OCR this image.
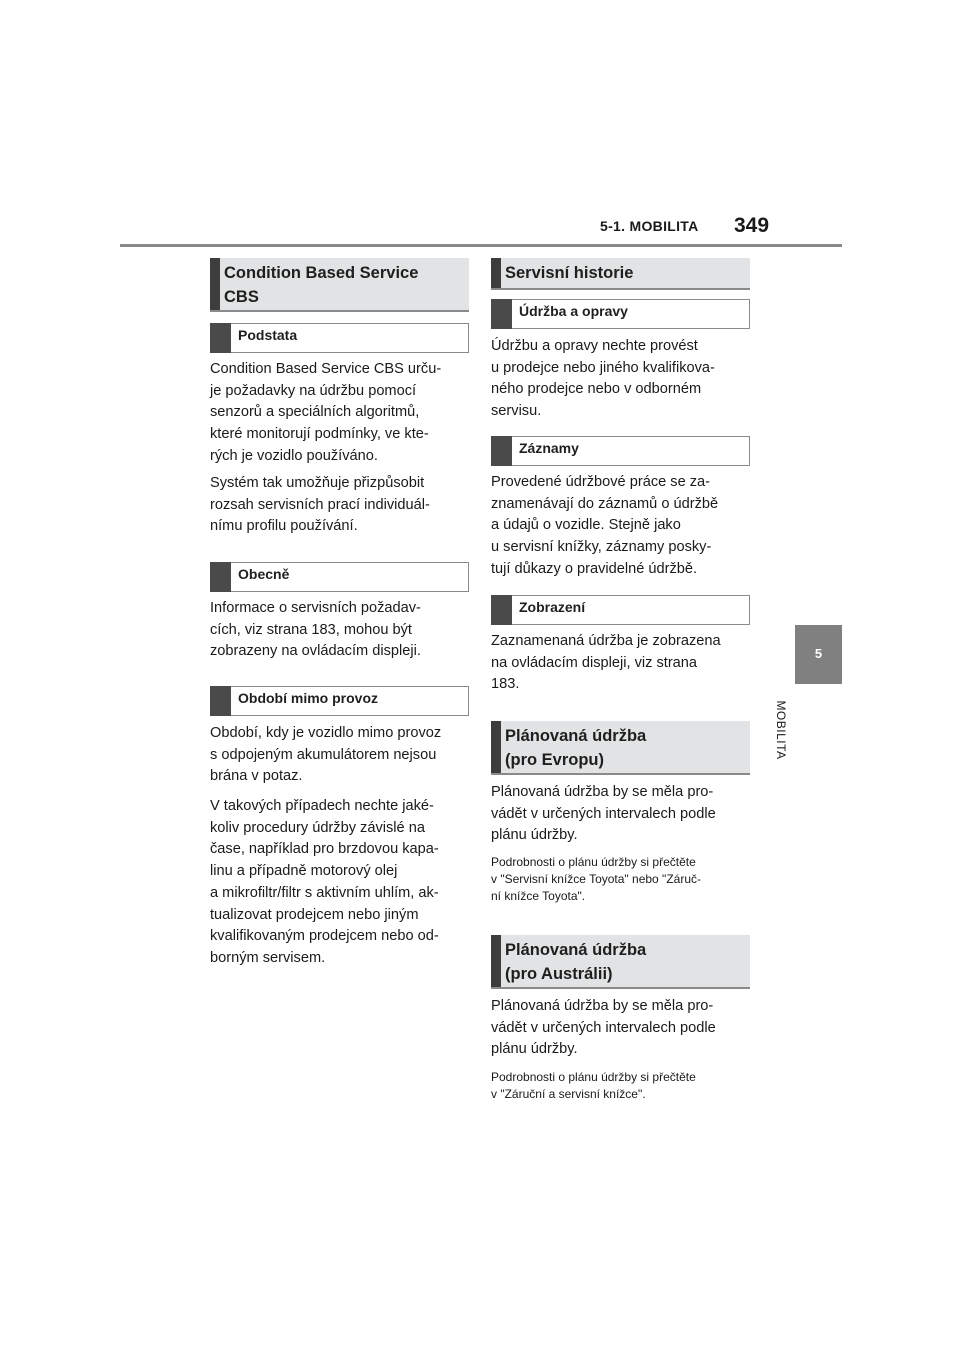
5-1. MOBILITA 349
5
MOBILITA
Condition Based Service
CBS
Podstata
Condition Based Service CBS urču-
je požadavky na údržbu pomocí
senzorů a speciálních algoritmů,
které monitorují podmínky, ve kte-
rých je vozidlo používáno.
Systém tak umožňuje přizpůsobit
rozsah servisních prací individuál-
nímu profilu používání.
Obecně
Informace o servisních požadav-
cích, viz strana 183, mohou být
zobrazeny na ovládacím displeji.
Období mimo provoz
Období, kdy je vozidlo mimo provoz
s odpojeným akumulátorem nejsou
brána v potaz.
V takových případech nechte jaké-
koliv procedury údržby závislé na
čase, například pro brzdovou kapa-
linu a případně motorový olej
a mikrofiltr/filtr s aktivním uhlím, ak-
tualizovat prodejcem nebo jiným
kvalifikovaným prodejcem nebo od-
borným servisem.
Servisní historie
Údržba a opravy
Údržbu a opravy nechte provést
u prodejce nebo jiného kvalifikova-
ného prodejce nebo v odborném
servisu.
Záznamy
Provedené údržbové práce se za-
znamenávají do záznamů o údržbě
a údajů o vozidle. Stejně jako
u servisní knížky, záznamy posky-
tují důkazy o pravidelné údržbě.
Zobrazení
Zaznamenaná údržba je zobrazena
na ovládacím displeji, viz strana
183.
Plánovaná údržba
(pro Evropu)
Plánovaná údržba by se měla pro-
vádět v určených intervalech podle
plánu údržby.
Podrobnosti o plánu údržby si přečtěte
v "Servisní knížce Toyota" nebo "Záruč-
ní knížce Toyota".
Plánovaná údržba
(pro Austrálii)
Plánovaná údržba by se měla pro-
vádět v určených intervalech podle
plánu údržby.
Podrobnosti o plánu údržby si přečtěte
v "Záruční a servisní knížce".
